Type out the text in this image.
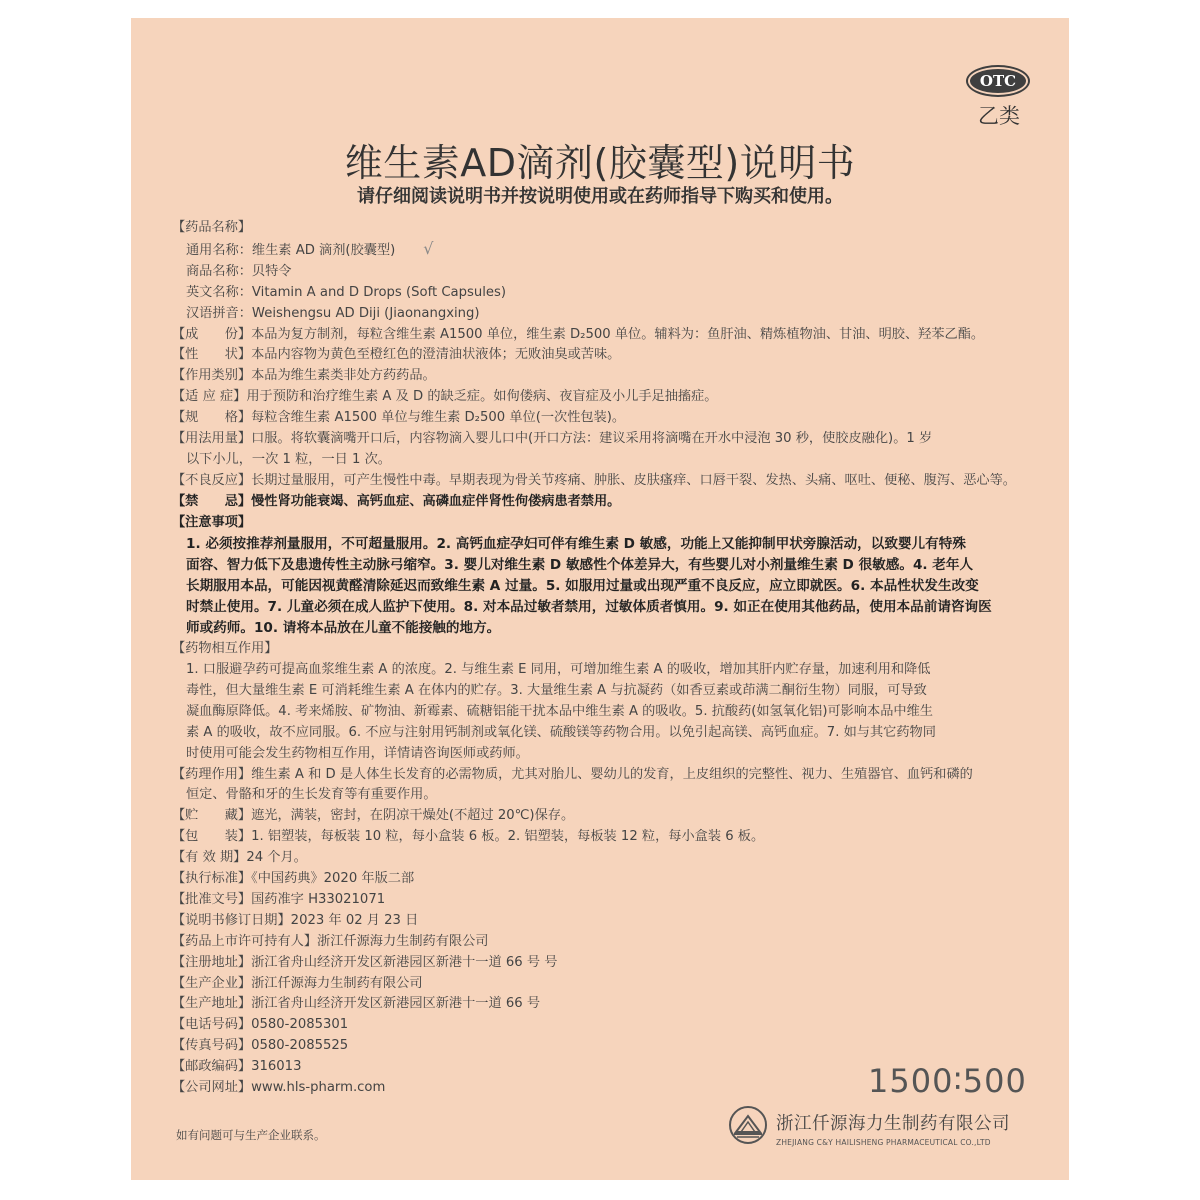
OTC
乙类
维生素AD滴剂(胶囊型)说明书
请仔细阅读说明书并按说明使用或在药师指导下购买和使用。
【药品名称】
通用名称：维生素 AD 滴剂(胶囊型) √
商品名称：贝特令
英文名称：Vitamin A and D Drops (Soft Capsules)
汉语拼音：Weishengsu AD Diji (Jiaonangxing)
【成　　份】本品为复方制剂，每粒含维生素 A1500 单位，维生素 D₂500 单位。辅料为：鱼肝油、精炼植物油、甘油、明胶、羟苯乙酯。
【性　　状】本品内容物为黄色至橙红色的澄清油状液体；无败油臭或苦味。
【作用类别】本品为维生素类非处方药药品。
【适 应 症】用于预防和治疗维生素 A 及 D 的缺乏症。如佝偻病、夜盲症及小儿手足抽搐症。
【规　　格】每粒含维生素 A1500 单位与维生素 D₂500 单位(一次性包装)。
【用法用量】口服。将软囊滴嘴开口后，内容物滴入婴儿口中(开口方法：建议采用将滴嘴在开水中浸泡 30 秒，使胶皮融化)。1 岁
以下小儿，一次 1 粒，一日 1 次。
【不良反应】长期过量服用，可产生慢性中毒。早期表现为骨关节疼痛、肿胀、皮肤瘙痒、口唇干裂、发热、头痛、呕吐、便秘、腹泻、恶心等。
【禁　　忌】慢性肾功能衰竭、高钙血症、高磷血症伴肾性佝偻病患者禁用。
【注意事项】
1. 必须按推荐剂量服用，不可超量服用。2. 高钙血症孕妇可伴有维生素 D 敏感，功能上又能抑制甲状旁腺活动，以致婴儿有特殊
面容、智力低下及患遗传性主动脉弓缩窄。3. 婴儿对维生素 D 敏感性个体差异大，有些婴儿对小剂量维生素 D 很敏感。4. 老年人
长期服用本品，可能因视黄醛清除延迟而致维生素 A 过量。5. 如服用过量或出现严重不良反应，应立即就医。6. 本品性状发生改变
时禁止使用。7. 儿童必须在成人监护下使用。8. 对本品过敏者禁用，过敏体质者慎用。9. 如正在使用其他药品，使用本品前请咨询医
师或药师。10. 请将本品放在儿童不能接触的地方。
【药物相互作用】
1. 口服避孕药可提高血浆维生素 A 的浓度。2. 与维生素 E 同用，可增加维生素 A 的吸收，增加其肝内贮存量，加速利用和降低
毒性，但大量维生素 E 可消耗维生素 A 在体内的贮存。3. 大量维生素 A 与抗凝药（如香豆素或茚满二酮衍生物）同服，可导致
凝血酶原降低。4. 考来烯胺、矿物油、新霉素、硫糖铝能干扰本品中维生素 A 的吸收。5. 抗酸药(如氢氧化铝)可影响本品中维生
素 A 的吸收，故不应同服。6. 不应与注射用钙制剂或氧化镁、硫酸镁等药物合用。以免引起高镁、高钙血症。7. 如与其它药物同
时使用可能会发生药物相互作用，详情请咨询医师或药师。
【药理作用】维生素 A 和 D 是人体生长发育的必需物质，尤其对胎儿、婴幼儿的发育，上皮组织的完整性、视力、生殖器官、血钙和磷的
恒定、骨骼和牙的生长发育等有重要作用。
【贮　　藏】遮光，满装，密封，在阴凉干燥处(不超过 20℃)保存。
【包　　装】1. 铝塑装，每板装 10 粒，每小盒装 6 板。2. 铝塑装，每板装 12 粒，每小盒装 6 板。
【有 效 期】24 个月。
【执行标准】《中国药典》2020 年版二部
【批准文号】国药准字 H33021071
【说明书修订日期】2023 年 02 月 23 日
【药品上市许可持有人】浙江仟源海力生制药有限公司
【注册地址】浙江省舟山经济开发区新港园区新港十一道 66 号 号
【生产企业】浙江仟源海力生制药有限公司
【生产地址】浙江省舟山经济开发区新港园区新港十一道 66 号
【电话号码】0580-2085301
【传真号码】0580-2085525
【邮政编码】316013
【公司网址】www.hls-pharm.com	1500∶500
浙江仟源海力生制药有限公司
ZHEJIANG C&Y HAILISHENG PHARMACEUTICAL CO.,LTD
如有问题可与生产企业联系。
